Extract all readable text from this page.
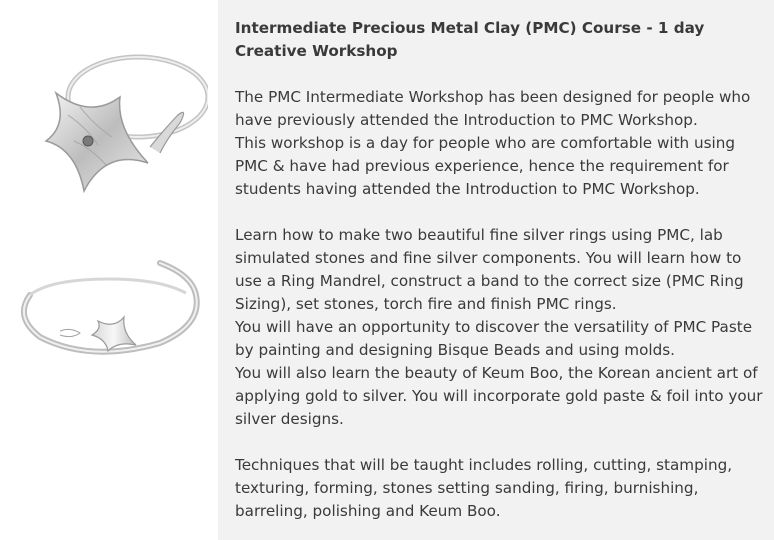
Intermediate Precious Metal Clay (PMC) Course - 1 day Creative Workshop

The PMC Intermediate Workshop has been designed for people who have previously attended the Introduction to PMC Workshop.

This workshop is a day for people who are comfortable with using PMC & have had previous experience, hence the requirement for students having attended the Introduction to PMC Workshop.

Learn how to make two beautiful fine silver rings using PMC, lab simulated stones and fine silver components. You will learn how to use a Ring Mandrel, construct a band to the correct size (PMC Ring Sizing), set stones, torch fire and finish PMC rings.

You will have an opportunity to discover the versatility of PMC Paste by painting and designing Bisque Beads and using molds.

You will also learn the beauty of Keum Boo, the Korean ancient art of applying gold to silver. You will incorporate gold paste & foil into your silver designs.

Techniques that will be taught includes rolling, cutting, stamping, texturing, forming, stones setting sanding, firing, burnishing, barreling, polishing and Keum Boo.
